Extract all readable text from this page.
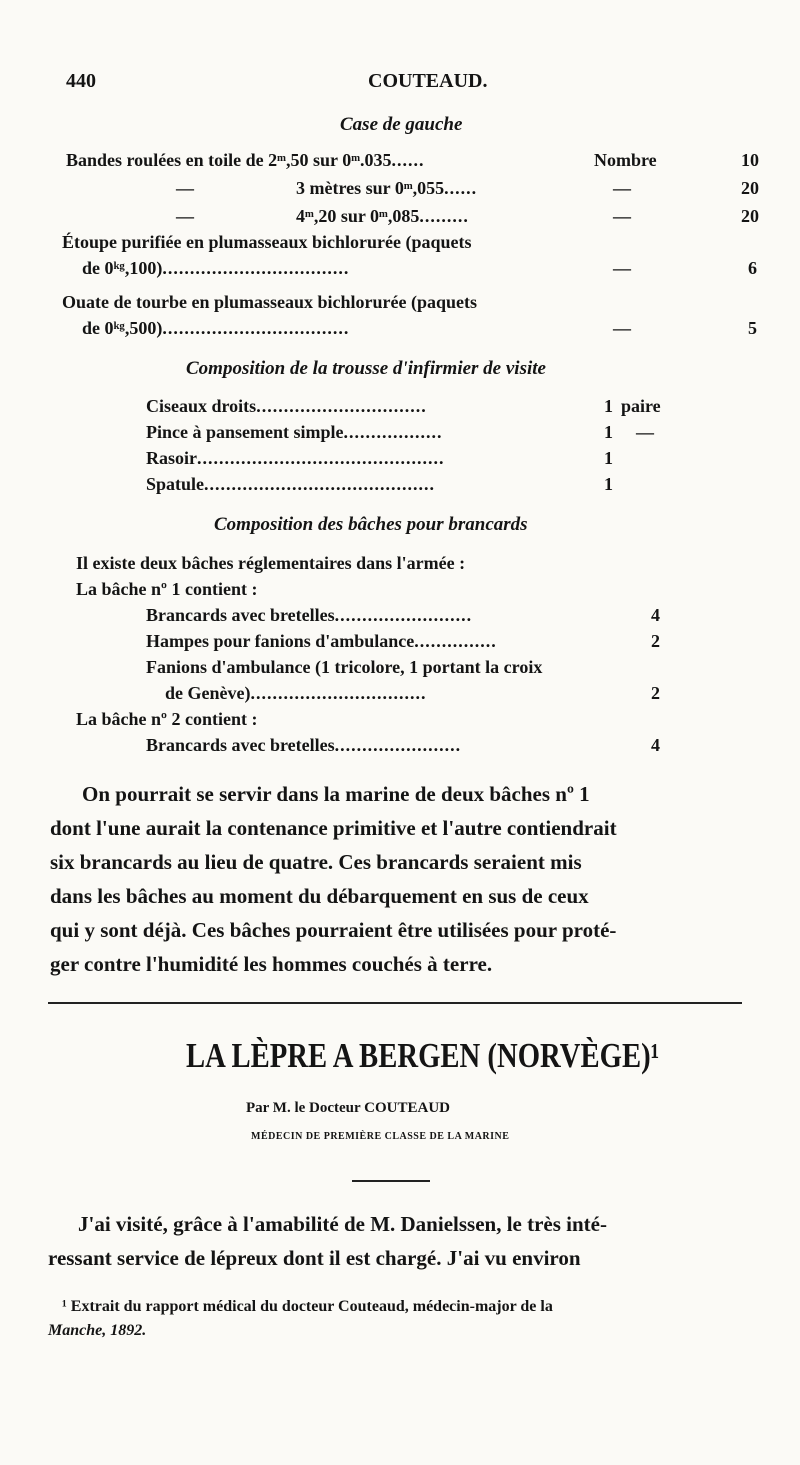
440	COUTEAUD.
Case de gauche
Bandes roulées en toile de 2ᵐ,50 sur 0ᵐ.035......	Nombre	10
—	3 mètres sur 0ᵐ,055......	—	20
—	4ᵐ,20 sur 0ᵐ,085.........	—	20
Étoupe purifiée en plumasseaux bichlorurée (paquets
de 0ᵏᵍ,100)..................................	—	6
Ouate de tourbe en plumasseaux bichlorurée (paquets
de 0ᵏᵍ,500)..................................	—	5
Composition de la trousse d'infirmier de visite
Ciseaux droits...............................	1 paire
Pince à pansement simple..................	1 —
Rasoir.............................................	1
Spatule..........................................	1
Composition des bâches pour brancards
Il existe deux bâches réglementaires dans l'armée :
La bâche nº 1 contient :
Brancards avec bretelles.........................	4
Hampes pour fanions d'ambulance...............	2
Fanions d'ambulance (1 tricolore, 1 portant la croix
de Genève)................................	2
La bâche nº 2 contient :
Brancards avec bretelles.......................	4
On pourrait se servir dans la marine de deux bâches nº 1
dont l'une aurait la contenance primitive et l'autre contiendrait
six brancards au lieu de quatre. Ces brancards seraient mis
dans les bâches au moment du débarquement en sus de ceux
qui y sont déjà. Ces bâches pourraient être utilisées pour proté-
ger contre l'humidité les hommes couchés à terre.
LA LÈPRE A BERGEN (NORVÈGE)¹
Par M. le Docteur COUTEAUD
MÉDECIN DE PREMIÈRE CLASSE DE LA MARINE
J'ai visité, grâce à l'amabilité de M. Danielssen, le très inté-
ressant service de lépreux dont il est chargé. J'ai vu environ
¹ Extrait du rapport médical du docteur Couteaud, médecin-major de la
Manche, 1892.
